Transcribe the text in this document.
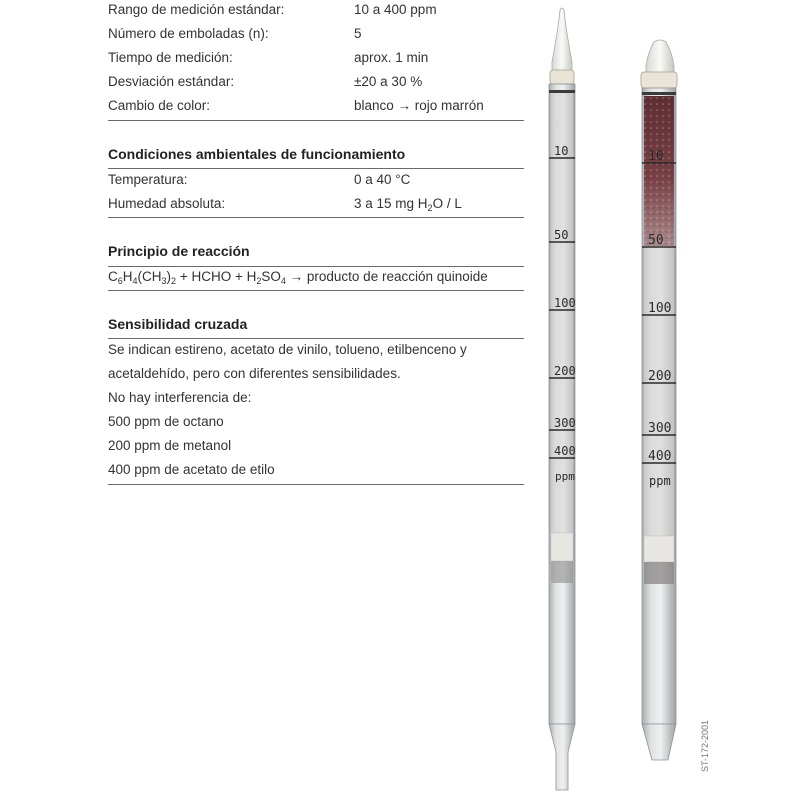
Rango de medición estándar:	10 a 400 ppm
Número de emboladas (n):	5
Tiempo de medición:	aprox. 1 min
Desviación estándar:	±20 a 30 %
Cambio de color:	blanco → rojo marrón
Condiciones ambientales de funcionamiento
Temperatura:	0 a 40 °C
Humedad absoluta:	3 a 15 mg $H_2O$ / L
Principio de reacción
$C_6H_4(CH_3)_2$ + HCHO + $H_2SO_4$ → producto de reacción quinoide
Sensibilidad cruzada
Se indican estireno, acetato de vinilo, tolueno, etilbenceno y
acetaldehído, pero con diferentes sensibilidades.
No hay interferencia de:
500 ppm de octano
200 ppm de metanol
400 ppm de acetato de etilo
10
50
100
200
300
400
ppm
10
50
100
200
300
400
ppm
ST-172-2001
